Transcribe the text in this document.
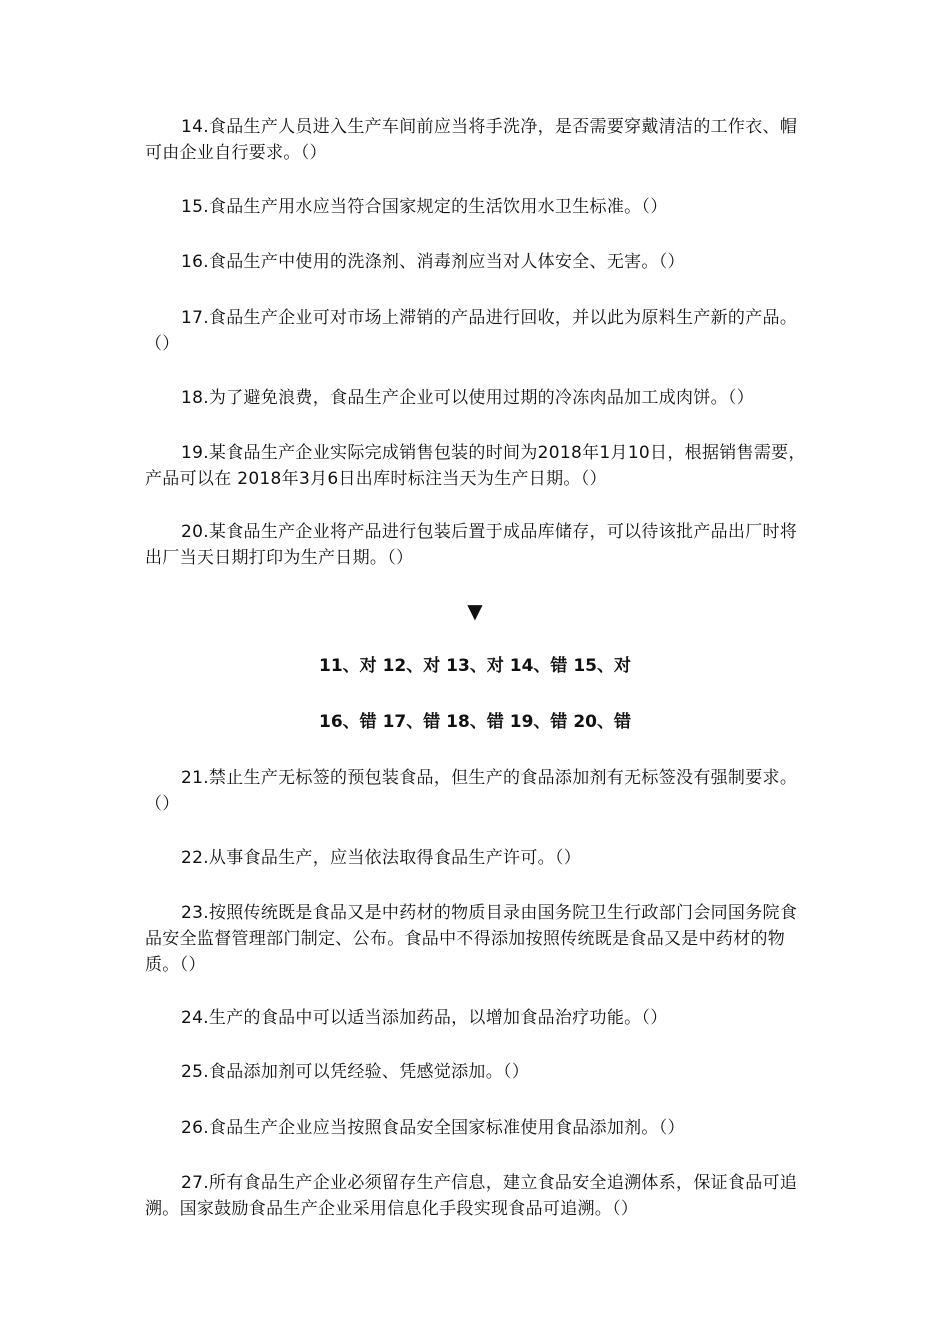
14.食品生产人员进入生产车间前应当将手洗净，是否需要穿戴清洁的工作衣、帽可由企业自行要求。（）

15.食品生产用水应当符合国家规定的生活饮用水卫生标准。（）

16.食品生产中使用的洗涤剂、消毒剂应当对人体安全、无害。（）

17.食品生产企业可对市场上滞销的产品进行回收，并以此为原料生产新的产品。（）

18.为了避免浪费，食品生产企业可以使用过期的冷冻肉品加工成肉饼。（）

19.某食品生产企业实际完成销售包装的时间为2018年1月10日，根据销售需要，产品可以在 2018年3月6日出库时标注当天为生产日期。（）

20.某食品生产企业将产品进行包装后置于成品库储存，可以待该批产品出厂时将出厂当天日期打印为生产日期。（）

▼

11、对 12、对 13、对 14、错 15、对

16、错 17、错 18、错 19、错 20、错

21.禁止生产无标签的预包装食品，但生产的食品添加剂有无标签没有强制要求。（）

22.从事食品生产，应当依法取得食品生产许可。（）

23.按照传统既是食品又是中药材的物质目录由国务院卫生行政部门会同国务院食品安全监督管理部门制定、公布。食品中不得添加按照传统既是食品又是中药材的物质。（）

24.生产的食品中可以适当添加药品，以增加食品治疗功能。（）

25.食品添加剂可以凭经验、凭感觉添加。（）

26.食品生产企业应当按照食品安全国家标准使用食品添加剂。（）

27.所有食品生产企业必须留存生产信息，建立食品安全追溯体系，保证食品可追溯。国家鼓励食品生产企业采用信息化手段实现食品可追溯。（）
